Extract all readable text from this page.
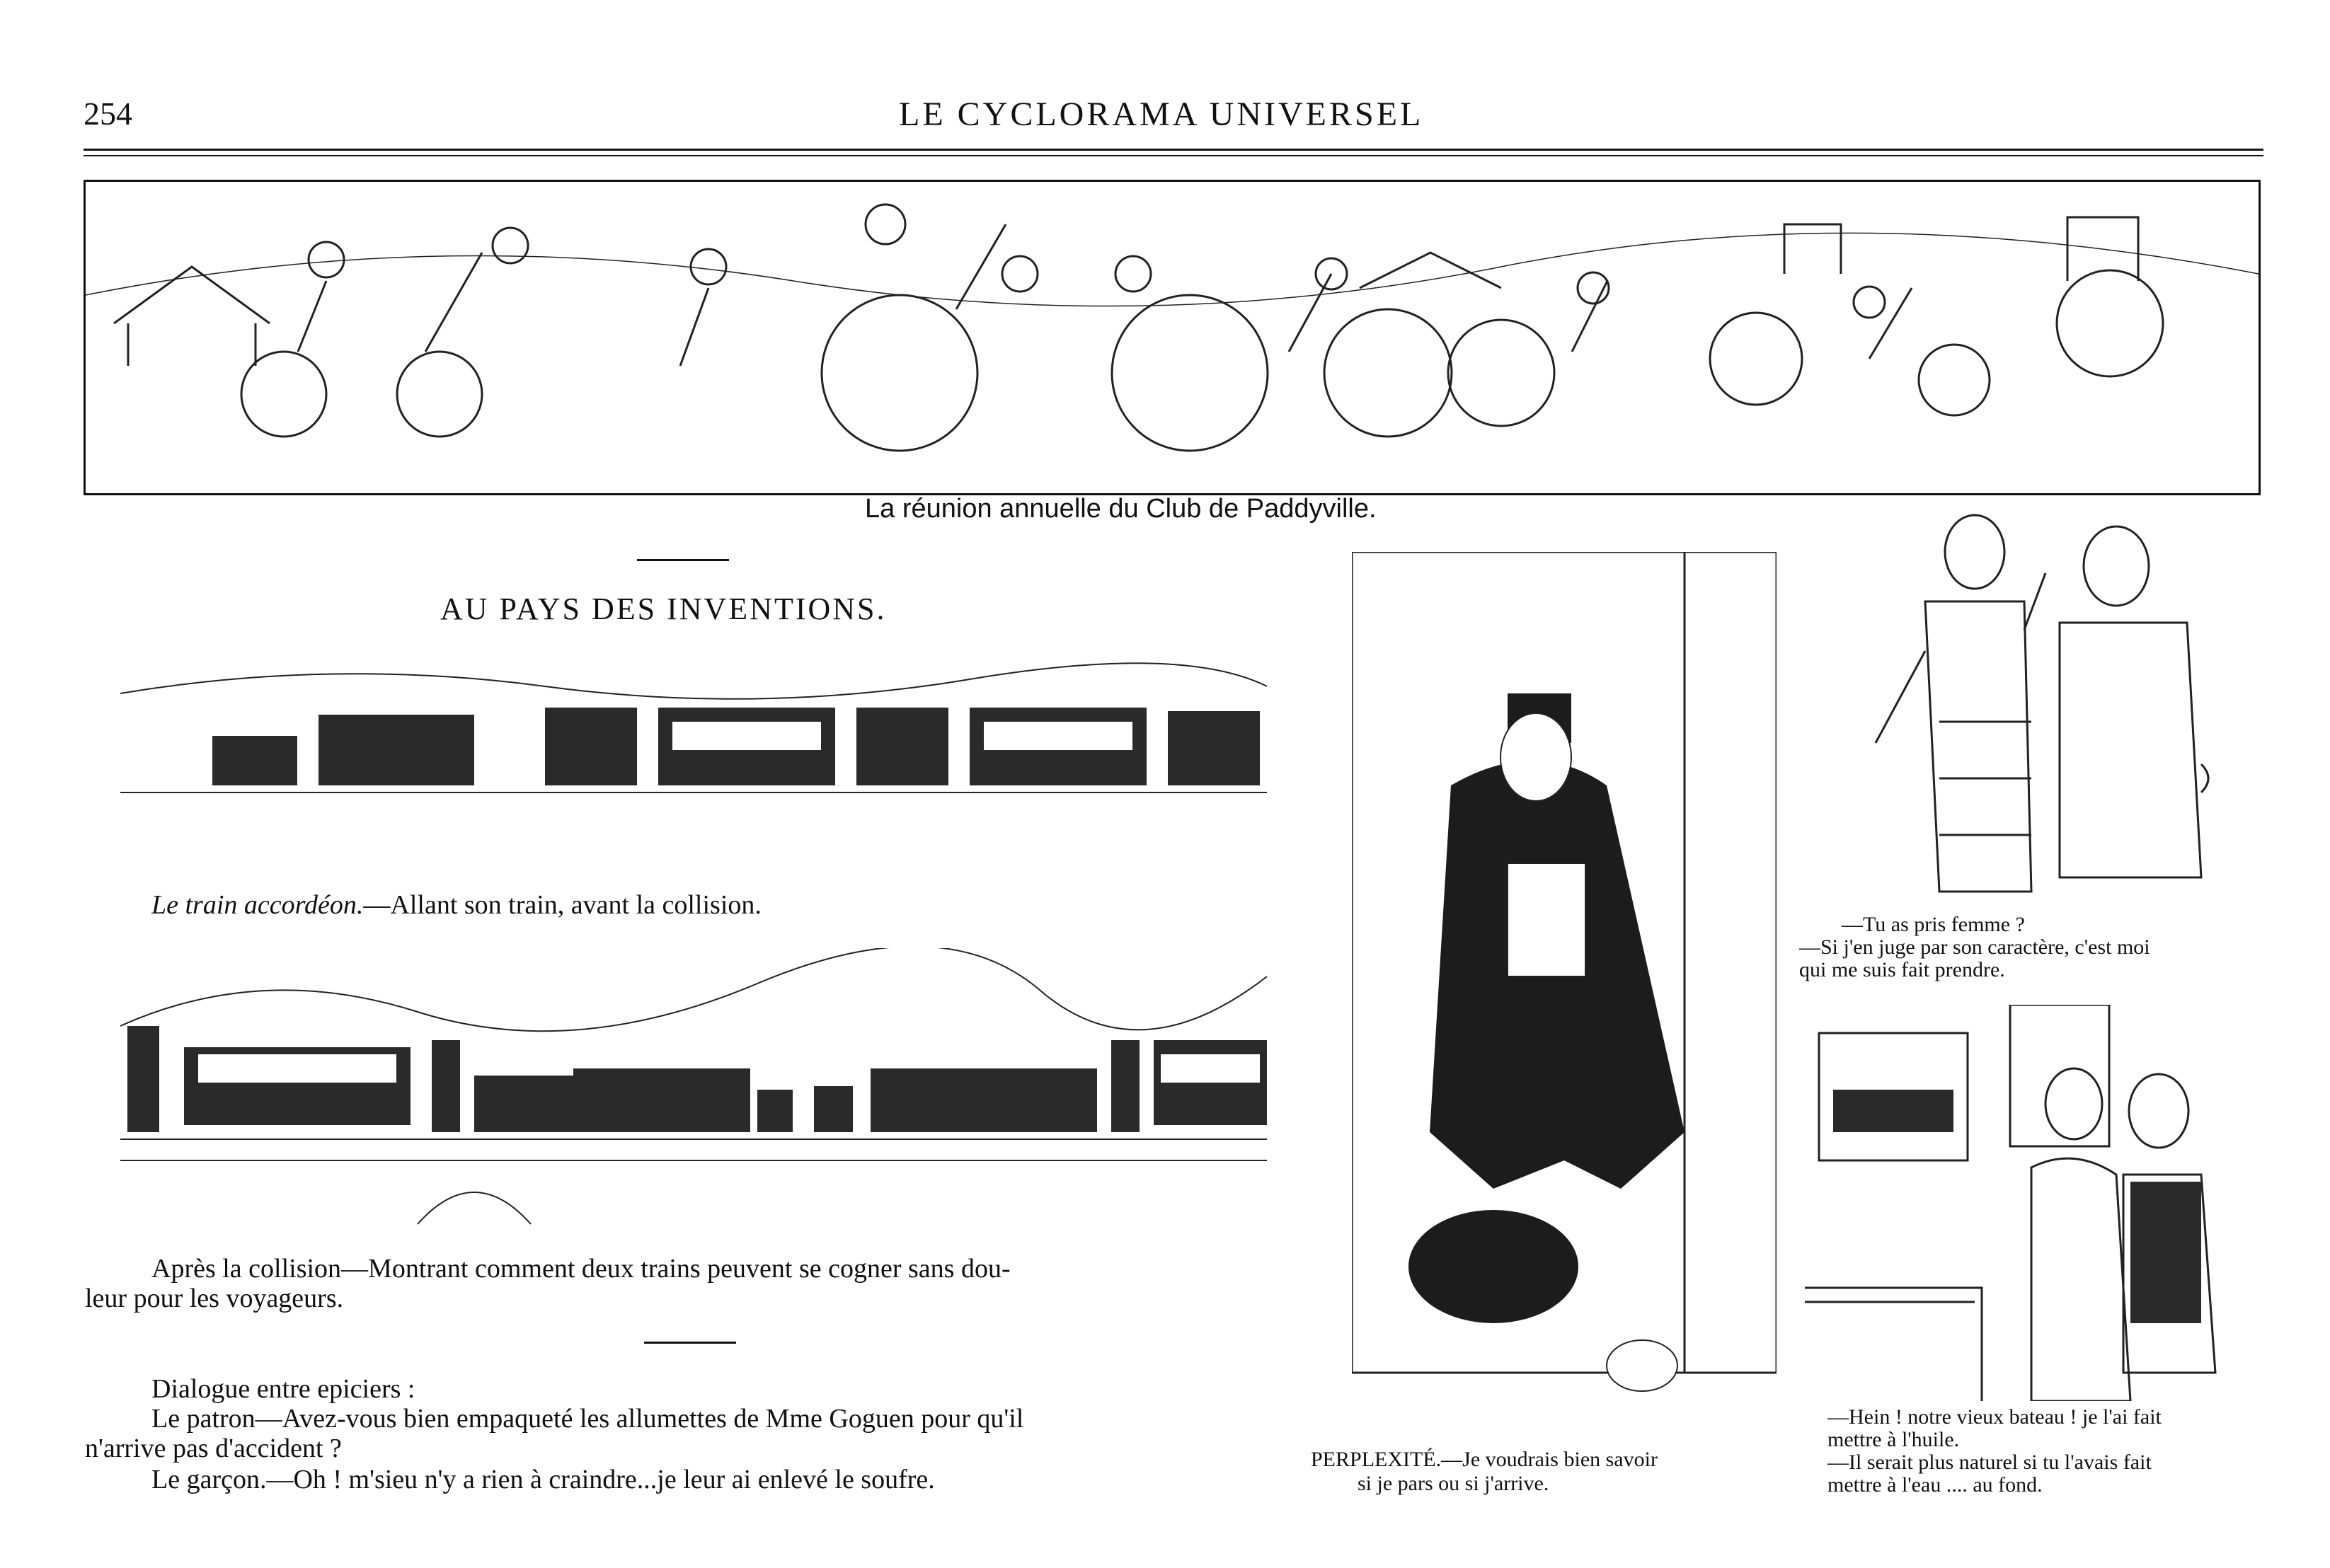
254	LE CYCLORAMA UNIVERSEL
La réunion annuelle du Club de Paddyville.
AU PAYS DES INVENTIONS.
Le train accordéon.—Allant son train, avant la collision.
Après la collision—Montrant comment deux trains peuvent se cogner sans dou-
leur pour les voyageurs.
Dialogue entre epiciers :
Le patron—Avez-vous bien empaqueté les allumettes de Mme Goguen pour qu'il
n'arrive pas d'accident ?
Le garçon.—Oh ! m'sieu n'y a rien à craindre...je leur ai enlevé le soufre.
PERPLEXITÉ.—Je voudrais bien savoir
si je pars ou si j'arrive.
—Tu as pris femme ?
—Si j'en juge par son caractère, c'est moi
qui me suis fait prendre.
—Hein ! notre vieux bateau ! je l'ai fait
mettre à l'huile.
—Il serait plus naturel si tu l'avais fait
mettre à l'eau .... au fond.
